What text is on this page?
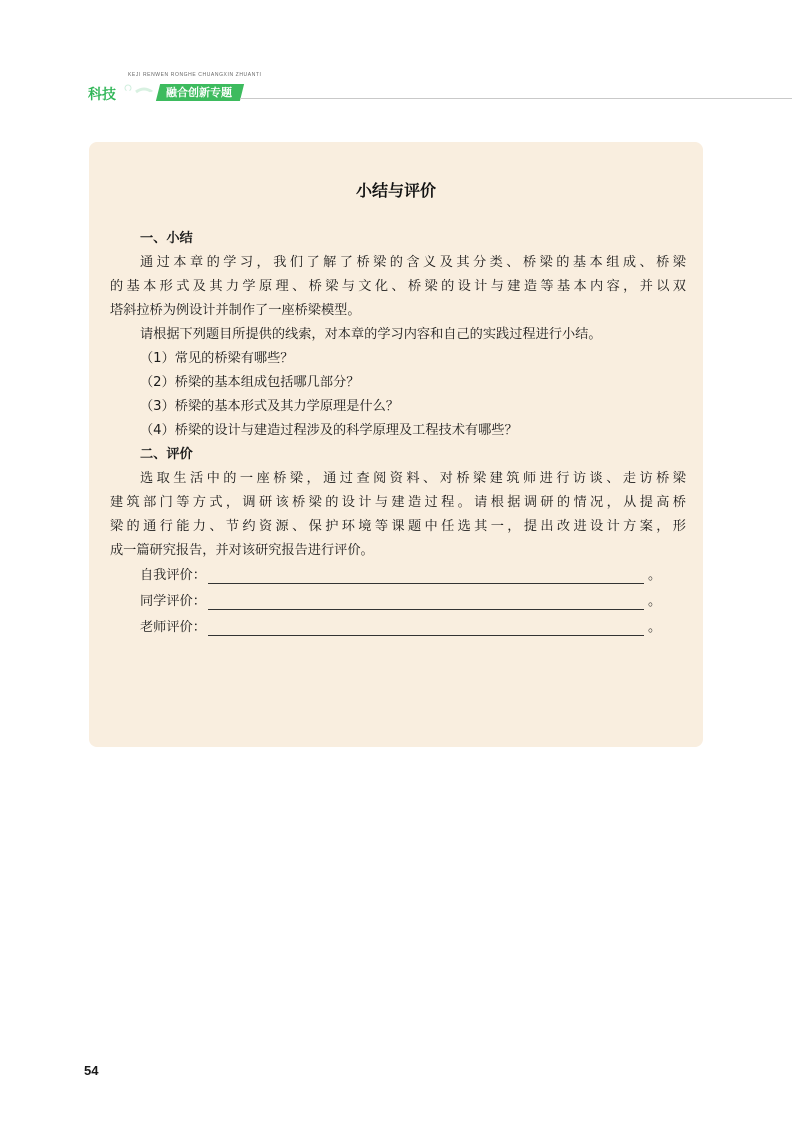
KEJI RENWEN RONGHE CHUANGXIN ZHUANTI
科技	融合创新专题
小结与评价
一、小结
通过本章的学习，我们了解了桥梁的含义及其分类、桥梁的基本组成、桥梁
的基本形式及其力学原理、桥梁与文化、桥梁的设计与建造等基本内容，并以双
塔斜拉桥为例设计并制作了一座桥梁模型。
请根据下列题目所提供的线索，对本章的学习内容和自己的实践过程进行小结。
（1）常见的桥梁有哪些？
（2）桥梁的基本组成包括哪几部分？
（3）桥梁的基本形式及其力学原理是什么？
（4）桥梁的设计与建造过程涉及的科学原理及工程技术有哪些？
二、评价
选取生活中的一座桥梁，通过查阅资料、对桥梁建筑师进行访谈、走访桥梁
建筑部门等方式，调研该桥梁的设计与建造过程。请根据调研的情况，从提高桥
梁的通行能力、节约资源、保护环境等课题中任选其一，提出改进设计方案，形
成一篇研究报告，并对该研究报告进行评价。
自我评价：	。
同学评价：	。
老师评价：	。
54
